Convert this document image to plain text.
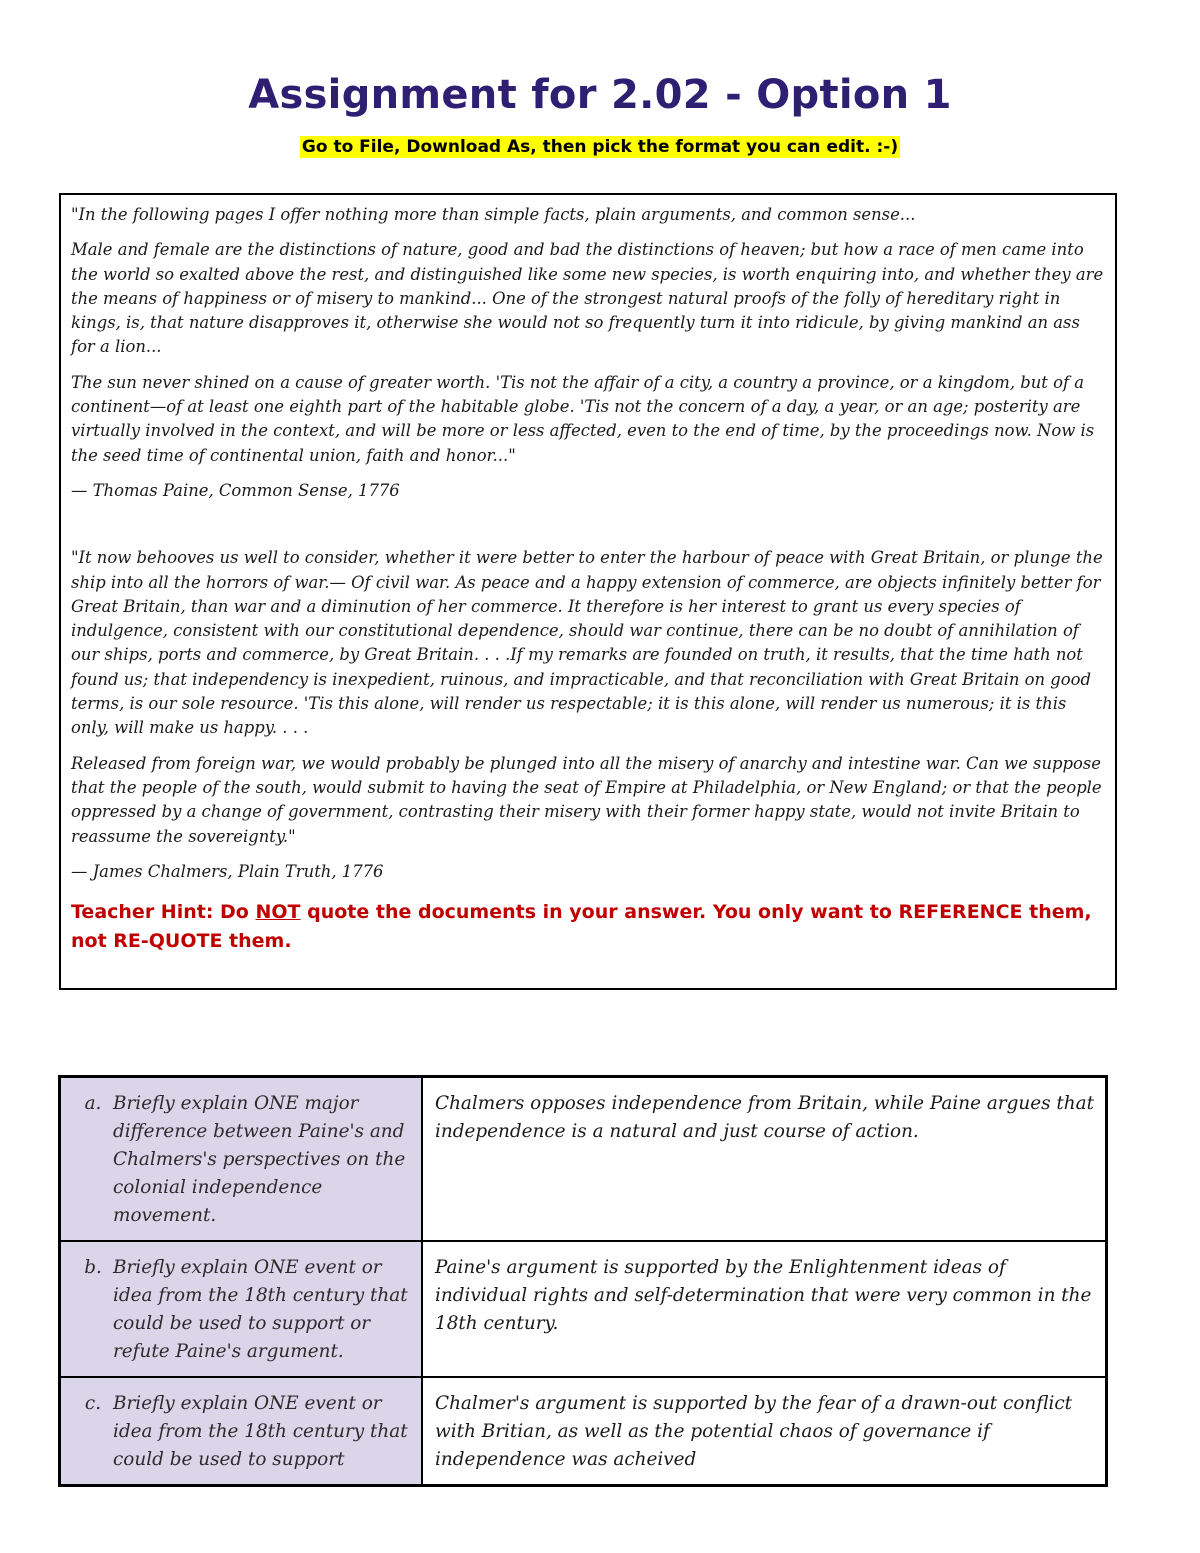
Assignment for 2.02 - Option 1
Go to File, Download As, then pick the format you can edit. :-)

"In the following pages I offer nothing more than simple facts, plain arguments, and common sense...

Male and female are the distinctions of nature, good and bad the distinctions of heaven; but how a race of men came into the world so exalted above the rest, and distinguished like some new species, is worth enquiring into, and whether they are the means of happiness or of misery to mankind... One of the strongest natural proofs of the folly of hereditary right in kings, is, that nature disapproves it, otherwise she would not so frequently turn it into ridicule, by giving mankind an ass for a lion...

The sun never shined on a cause of greater worth. 'Tis not the affair of a city, a country a province, or a kingdom, but of a continent—of at least one eighth part of the habitable globe. 'Tis not the concern of a day, a year, or an age; posterity are virtually involved in the context, and will be more or less affected, even to the end of time, by the proceedings now. Now is the seed time of continental union, faith and honor..."

— Thomas Paine, Common Sense, 1776

"It now behooves us well to consider, whether it were better to enter the harbour of peace with Great Britain, or plunge the ship into all the horrors of war.— Of civil war. As peace and a happy extension of commerce, are objects infinitely better for Great Britain, than war and a diminution of her commerce. It therefore is her interest to grant us every species of indulgence, consistent with our constitutional dependence, should war continue, there can be no doubt of annihilation of our ships, ports and commerce, by Great Britain. . . .If my remarks are founded on truth, it results, that the time hath not found us; that independency is inexpedient, ruinous, and impracticable, and that reconciliation with Great Britain on good terms, is our sole resource. 'Tis this alone, will render us respectable; it is this alone, will render us numerous; it is this only, will make us happy. . . .

Released from foreign war, we would probably be plunged into all the misery of anarchy and intestine war. Can we suppose that the people of the south, would submit to having the seat of Empire at Philadelphia, or New England; or that the people oppressed by a change of government, contrasting their misery with their former happy state, would not invite Britain to reassume the sovereignty."

— James Chalmers, Plain Truth, 1776

Teacher Hint: Do NOT quote the documents in your answer. You only want to REFERENCE them, not RE-QUOTE them.
a. Briefly explain ONE major difference between Paine's and Chalmers's perspectives on the colonial independence movement.	Chalmers opposes independence from Britain, while Paine argues that independence is a natural and just course of action.

b. Briefly explain ONE event or idea from the 18th century that could be used to support or refute Paine's argument.	Paine's argument is supported by the Enlightenment ideas of individual rights and self-determination that were very common in the 18th century.

c. Briefly explain ONE event or idea from the 18th century that could be used to support	Chalmer's argument is supported by the fear of a drawn-out conflict with Britian, as well as the potential chaos of governance if independence was acheived
